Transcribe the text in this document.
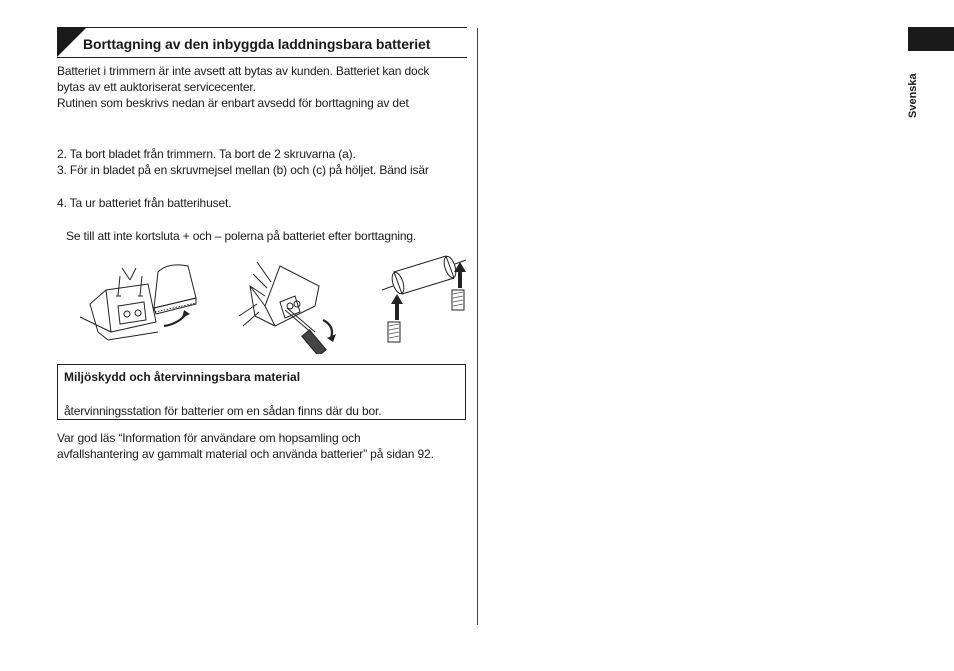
Borttagning av den inbyggda laddningsbara batteriet
Batteriet i trimmern är inte avsett att bytas av kunden. Batteriet kan dock
bytas av ett auktoriserat servicecenter.
Rutinen som beskrivs nedan är enbart avsedd för borttagning av det
2. Ta bort bladet från trimmern. Ta bort de 2 skruvarna (a).
3. För in bladet på en skruvmejsel mellan (b) och (c) på höljet. Bänd isär
4. Ta ur batteriet från batterihuset.
Se till att inte kortsluta + och – polerna på batteriet efter borttagning.
Miljöskydd och återvinningsbara material
återvinningsstation för batterier om en sådan finns där du bor.
Var god läs “Information för användare om hopsamling och
avfallshantering av gammalt material och använda batterier” på sidan 92.
Svenska
